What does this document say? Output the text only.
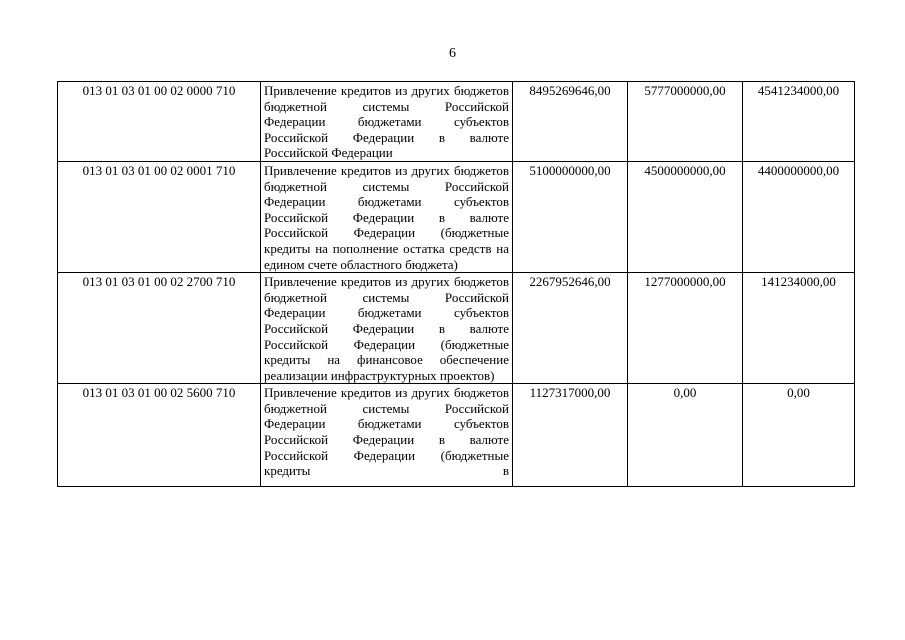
6
013 01 03 01 00 02 0000 710	Привлечение кредитов из других бюджетов бюджетной системы Российской Федерации бюджетами субъектов Российской Федерации в валюте Российской Федерации	8495269646,00	5777000000,00	4541234000,00
013 01 03 01 00 02 0001 710	Привлечение кредитов из других бюджетов бюджетной системы Российской Федерации бюджетами субъектов Российской Федерации в валюте Российской Федерации (бюджетные кредиты на пополнение остатка средств на едином счете областного бюджета)	5100000000,00	4500000000,00	4400000000,00
013 01 03 01 00 02 2700 710	Привлечение кредитов из других бюджетов бюджетной системы Российской Федерации бюджетами субъектов Российской Федерации в валюте Российской Федерации (бюджетные кредиты на финансовое обеспечение реализации инфраструктурных проектов)	2267952646,00	1277000000,00	141234000,00
013 01 03 01 00 02 5600 710	Привлечение кредитов из других бюджетов бюджетной системы Российской Федерации бюджетами субъектов Российской Федерации в валюте Российской Федерации (бюджетные кредиты в	1127317000,00	0,00	0,00
